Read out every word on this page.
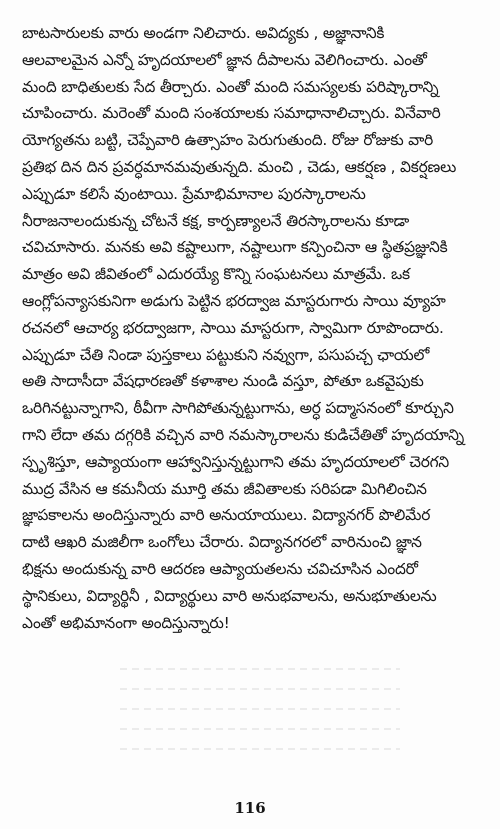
బాటసారులకు వారు అండగా నిలిచారు. అవిద్యకు , అజ్ఞానానికి
ఆలవాలమైన ఎన్నో హృదయాలలో జ్ఞాన దీపాలను వెలిగించారు. ఎంతో
మంది బాధితులకు సేద తీర్చారు. ఎంతో మంది సమస్యలకు పరిష్కారాన్ని
చూపించారు. మరెంతో మంది సంశయాలకు సమాధానాలిచ్చారు. వినేవారి
యోగ్యతను బట్టి, చెప్పేవారి ఉత్సాహం పెరుగుతుంది. రోజు రోజుకు వారి
ప్రతిభ దిన దిన ప్రవర్ధమానమవుతున్నది. మంచి , చెడు, ఆకర్షణ , వికర్షణలు
ఎప్పుడూ కలిసే వుంటాయి. ప్రేమాభిమానాల పురస్కారాలను
నీరాజనాలందుకున్న చోటనే కక్ష, కార్పణ్యాలనే తిరస్కారాలను కూడా
చవిచూసారు. మనకు అవి కష్టాలుగా, నష్టాలుగా కన్పించినా ఆ స్థితప్రజ్ఞునికి
మాత్రం అవి జీవితంలో ఎదురయ్యే కొన్ని సంఘటనలు మాత్రమే. ఒక
ఆంగ్లోపన్యాసకునిగా అడుగు పెట్టిన భరద్వాజ మాస్టరుగారు సాయి వ్యూహ
రచనలో ఆచార్య భరద్వాజగా, సాయి మాస్టరుగా, స్వామిగా రూపొందారు.
ఎప్పుడూ చేతి నిండా పుస్తకాలు పట్టుకుని నవ్వుగా, పసుపచ్చ ఛాయలో
అతి సాదాసీదా వేషధారణతో కళాశాల నుండి వస్తూ, పోతూ ఒకవైపుకు
ఒరిగినట్టున్నాగాని, ఠీవీగా సాగిపోతున్నట్టుగాను, అర్ధ పద్మాసనంలో కూర్చుని
గాని లేదా తమ దగ్గరికి వచ్చిన వారి నమస్కారాలను కుడిచేతితో హృదయాన్ని
స్పృశిస్తూ, ఆప్యాయంగా ఆహ్వానిస్తున్నట్టుగాని తమ హృదయాలలో చెరగని
ముద్ర వేసిన ఆ కమనీయ మూర్తి తమ జీవితాలకు సరిపడా మిగిలించిన
జ్ఞాపకాలను అందిస్తున్నారు వారి అనుయాయులు. విద్యానగర్ పొలిమేర
దాటి ఆఖరి మజిలీగా ఒంగోలు చేరారు. విద్యానగరలో వారినుంచి జ్ఞాన
భిక్షను అందుకున్న వారి ఆదరణ ఆప్యాయతలను చవిచూసిన ఎందరో
స్థానికులు, విద్యార్థినీ , విద్యార్థులు వారి అనుభవాలను, అనుభూతులను
ఎంతో అభిమానంగా అందిస్తున్నారు!
116
